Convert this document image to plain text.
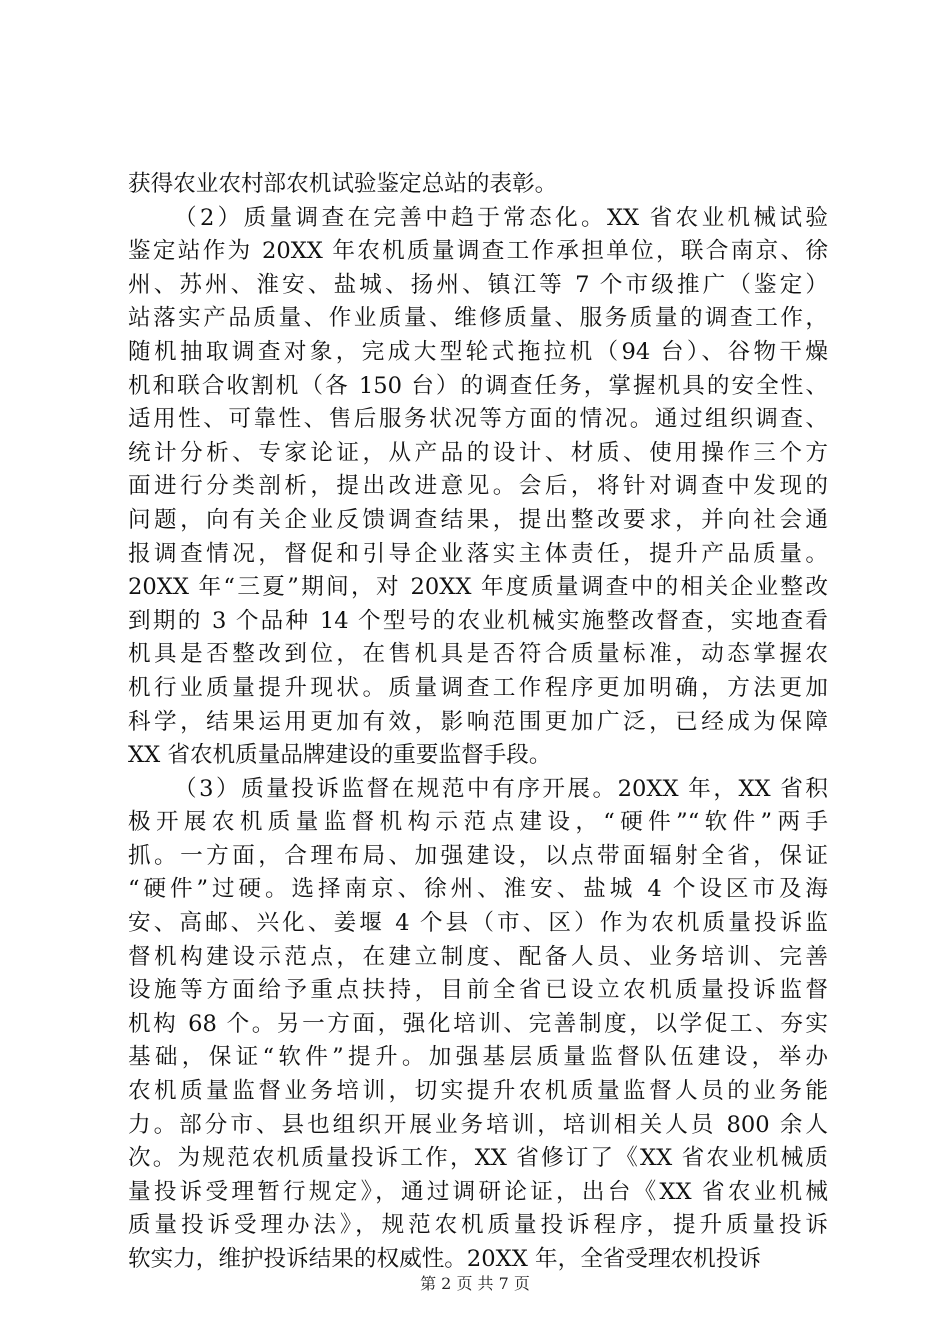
获得农业农村部农机试验鉴定总站的表彰。
（2）质量调查在完善中趋于常态化。XX 省农业机械试验
鉴定站作为 20XX 年农机质量调查工作承担单位，联合南京、徐
州、苏州、淮安、盐城、扬州、镇江等 7 个市级推广（鉴定）
站落实产品质量、作业质量、维修质量、服务质量的调查工作，
随机抽取调查对象，完成大型轮式拖拉机（94 台）、谷物干燥
机和联合收割机（各 150 台）的调查任务，掌握机具的安全性、
适用性、可靠性、售后服务状况等方面的情况。通过组织调查、
统计分析、专家论证，从产品的设计、材质、使用操作三个方
面进行分类剖析，提出改进意见。会后，将针对调查中发现的
问题，向有关企业反馈调查结果，提出整改要求，并向社会通
报调查情况，督促和引导企业落实主体责任，提升产品质量。
20XX 年“三夏”期间，对 20XX 年度质量调查中的相关企业整改
到期的 3 个品种 14 个型号的农业机械实施整改督查，实地查看
机具是否整改到位，在售机具是否符合质量标准，动态掌握农
机行业质量提升现状。质量调查工作程序更加明确，方法更加
科学，结果运用更加有效，影响范围更加广泛，已经成为保障
XX 省农机质量品牌建设的重要监督手段。
（3）质量投诉监督在规范中有序开展。20XX 年，XX 省积
极开展农机质量监督机构示范点建设，“硬件”“软件”两手
抓。一方面，合理布局、加强建设，以点带面辐射全省，保证
“硬件”过硬。选择南京、徐州、淮安、盐城 4 个设区市及海
安、高邮、兴化、姜堰 4 个县（市、区）作为农机质量投诉监
督机构建设示范点，在建立制度、配备人员、业务培训、完善
设施等方面给予重点扶持，目前全省已设立农机质量投诉监督
机构 68 个。另一方面，强化培训、完善制度，以学促工、夯实
基础，保证“软件”提升。加强基层质量监督队伍建设，举办
农机质量监督业务培训，切实提升农机质量监督人员的业务能
力。部分市、县也组织开展业务培训，培训相关人员 800 余人
次。为规范农机质量投诉工作，XX 省修订了《XX 省农业机械质
量投诉受理暂行规定》，通过调研论证，出台《XX 省农业机械
质量投诉受理办法》，规范农机质量投诉程序，提升质量投诉
软实力，维护投诉结果的权威性。20XX 年，全省受理农机投诉
第 2 页 共 7 页
